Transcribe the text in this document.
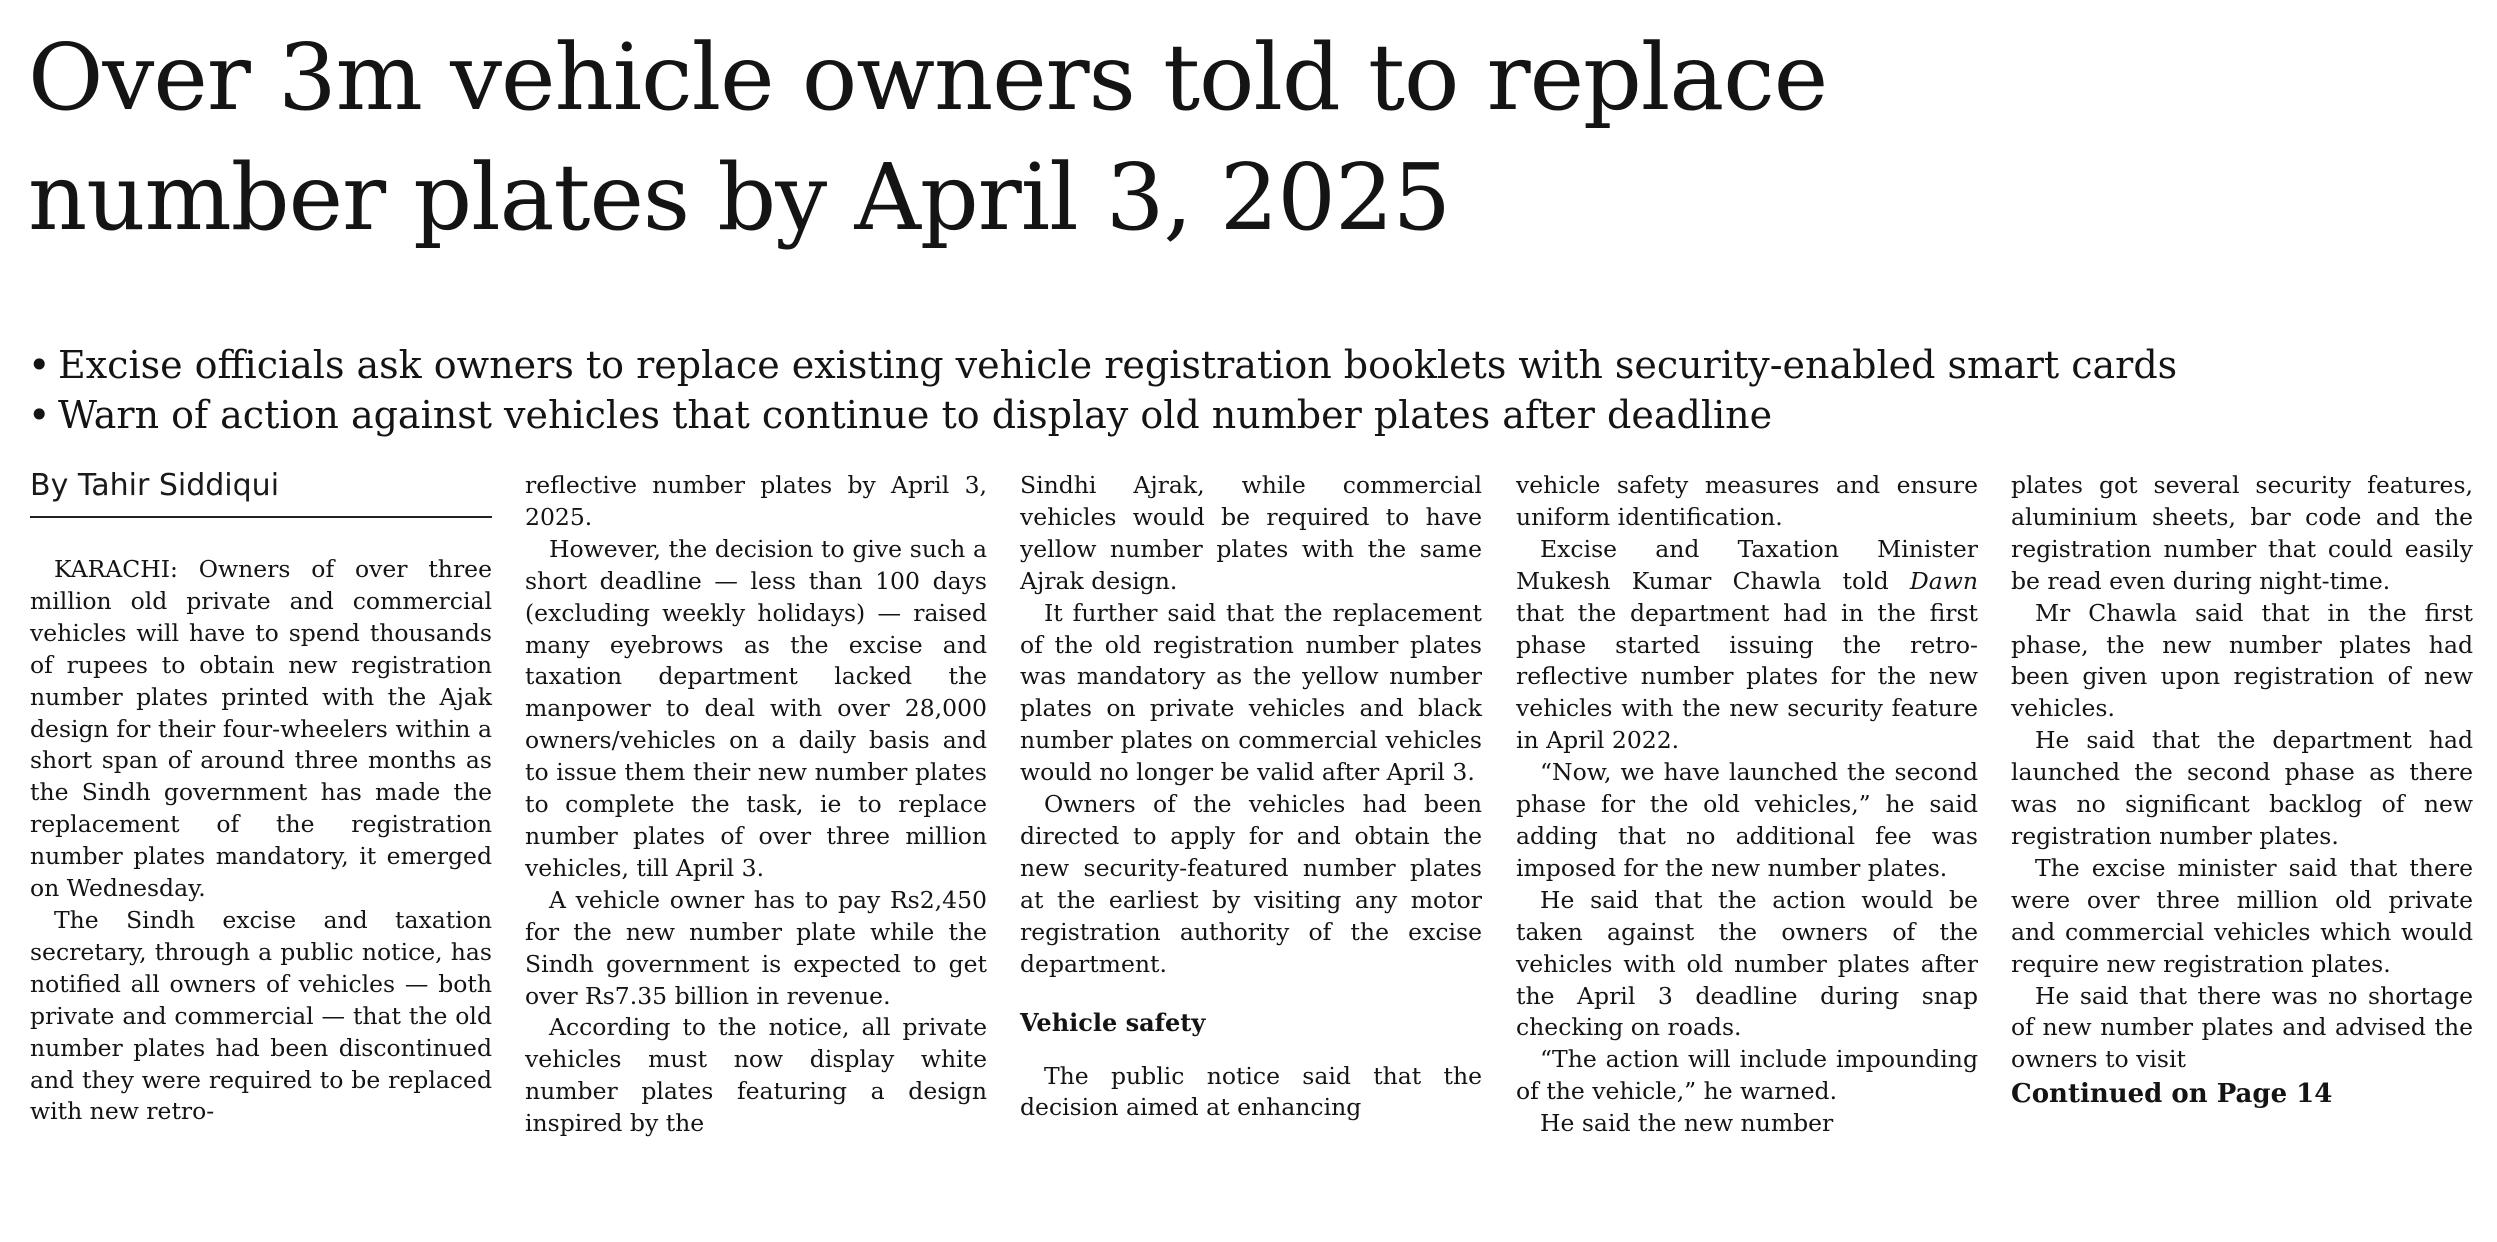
Over 3m vehicle owners told to replace
number plates by April 3, 2025
• Excise officials ask owners to replace existing vehicle registration booklets with security-enabled smart cards
• Warn of action against vehicles that continue to display old number plates after deadline
By Tahir Siddiqui

KARACHI: Owners of over three million old private and commercial vehicles will have to spend thousands of rupees to obtain new registration number plates printed with the Ajak design for their four-wheelers within a short span of around three months as the Sindh government has made the replacement of the registration number plates mandatory, it emerged on Wednesday.

The Sindh excise and taxation secretary, through a public notice, has notified all owners of vehicles — both private and commercial — that the old number plates had been discontinued and they were required to be replaced with new retro-

reflective number plates by April 3, 2025.

However, the decision to give such a short deadline — less than 100 days (excluding weekly holidays) — raised many eyebrows as the excise and taxation department lacked the manpower to deal with over 28,000 owners/vehicles on a daily basis and to issue them their new number plates to complete the task, ie to replace number plates of over three million vehicles, till April 3.

A vehicle owner has to pay Rs2,450 for the new number plate while the Sindh government is expected to get over Rs7.35 billion in revenue.

According to the notice, all private vehicles must now display white number plates featuring a design inspired by the

Sindhi Ajrak, while commercial vehicles would be required to have yellow number plates with the same Ajrak design.

It further said that the replacement of the old registration number plates was mandatory as the yellow number plates on private vehicles and black number plates on commercial vehicles would no longer be valid after April 3.

Owners of the vehicles had been directed to apply for and obtain the new security-featured number plates at the earliest by visiting any motor registration authority of the excise department.

Vehicle safety

The public notice said that the decision aimed at enhancing

vehicle safety measures and ensure uniform identification.

Excise and Taxation Minister Mukesh Kumar Chawla told Dawn that the department had in the first phase started issuing the retro-reflective number plates for the new vehicles with the new security feature in April 2022.

“Now, we have launched the second phase for the old vehicles,” he said adding that no additional fee was imposed for the new number plates.

He said that the action would be taken against the owners of the vehicles with old number plates after the April 3 deadline during snap checking on roads.

“The action will include impounding of the vehicle,” he warned.

He said the new number

plates got several security features, aluminium sheets, bar code and the registration number that could easily be read even during night-time.

Mr Chawla said that in the first phase, the new number plates had been given upon registration of new vehicles.

He said that the department had launched the second phase as there was no significant backlog of new registration number plates.

The excise minister said that there were over three million old private and commercial vehicles which would require new registration plates.

He said that there was no shortage of new number plates and advised the owners to visit

Continued on Page 14
